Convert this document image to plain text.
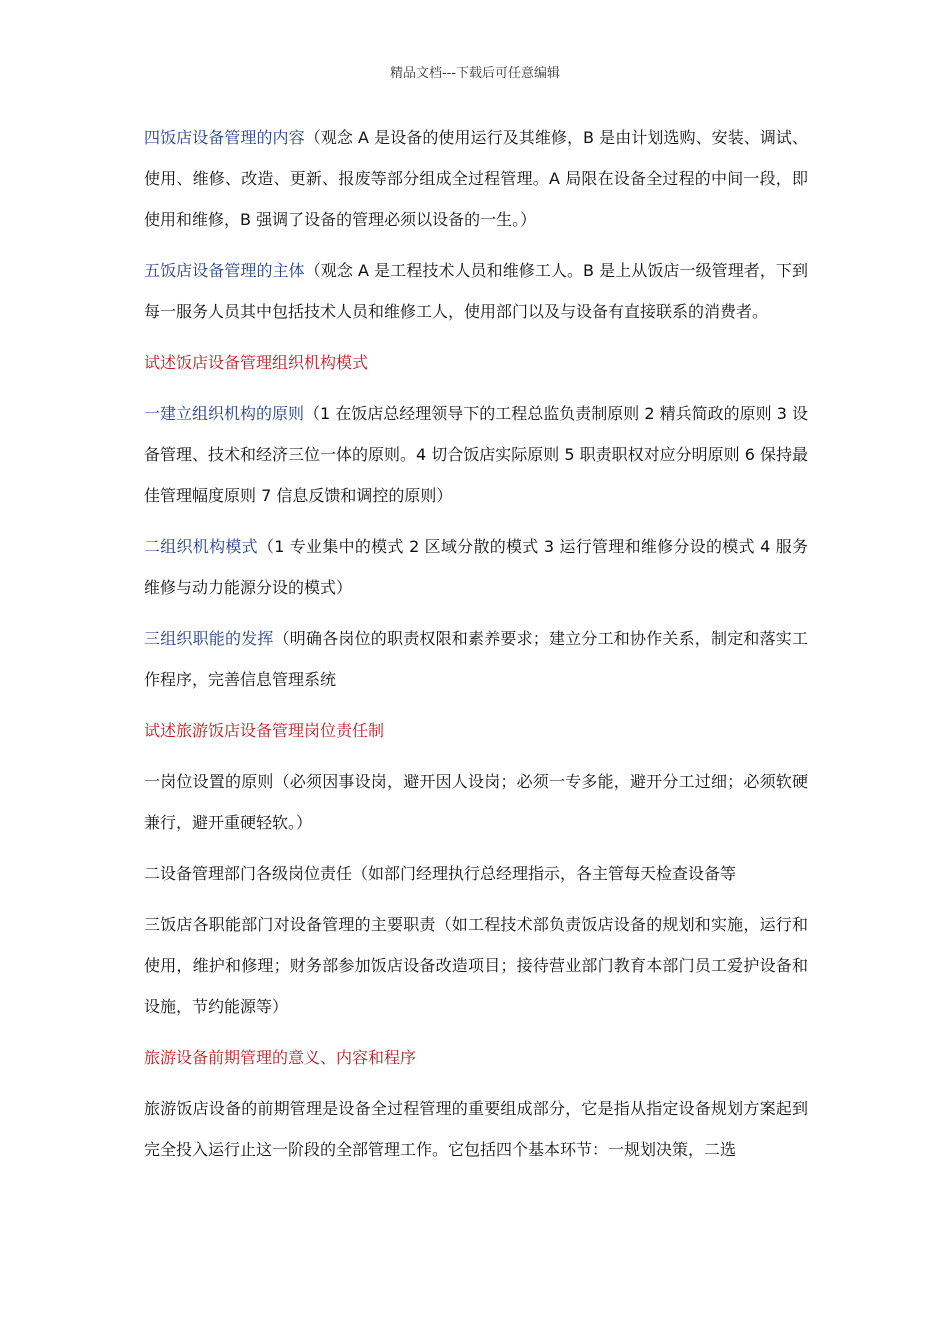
精品文档---下载后可任意编辑

四饭店设备管理的内容（观念 A 是设备的使用运行及其维修，B 是由计划选购、安装、调试、使用、维修、改造、更新、报废等部分组成全过程管理。A 局限在设备全过程的中间一段，即使用和维修，B 强调了设备的管理必须以设备的一生。）

五饭店设备管理的主体（观念 A 是工程技术人员和维修工人。B 是上从饭店一级管理者，下到每一服务人员其中包括技术人员和维修工人，使用部门以及与设备有直接联系的消费者。

试述饭店设备管理组织机构模式

一建立组织机构的原则（1 在饭店总经理领导下的工程总监负责制原则 2 精兵简政的原则 3 设备管理、技术和经济三位一体的原则。4 切合饭店实际原则 5 职责职权对应分明原则 6 保持最佳管理幅度原则 7 信息反馈和调控的原则）

二组织机构模式（1 专业集中的模式 2 区域分散的模式 3 运行管理和维修分设的模式 4 服务维修与动力能源分设的模式）

三组织职能的发挥（明确各岗位的职责权限和素养要求；建立分工和协作关系，制定和落实工作程序，完善信息管理系统

试述旅游饭店设备管理岗位责任制

一岗位设置的原则（必须因事设岗，避开因人设岗；必须一专多能，避开分工过细；必须软硬兼行，避开重硬轻软。）

二设备管理部门各级岗位责任（如部门经理执行总经理指示，各主管每天检查设备等

三饭店各职能部门对设备管理的主要职责（如工程技术部负责饭店设备的规划和实施，运行和使用，维护和修理；财务部参加饭店设备改造项目；接待营业部门教育本部门员工爱护设备和设施，节约能源等）

旅游设备前期管理的意义、内容和程序

旅游饭店设备的前期管理是设备全过程管理的重要组成部分，它是指从指定设备规划方案起到完全投入运行止这一阶段的全部管理工作。它包括四个基本环节：一规划决策，二选
